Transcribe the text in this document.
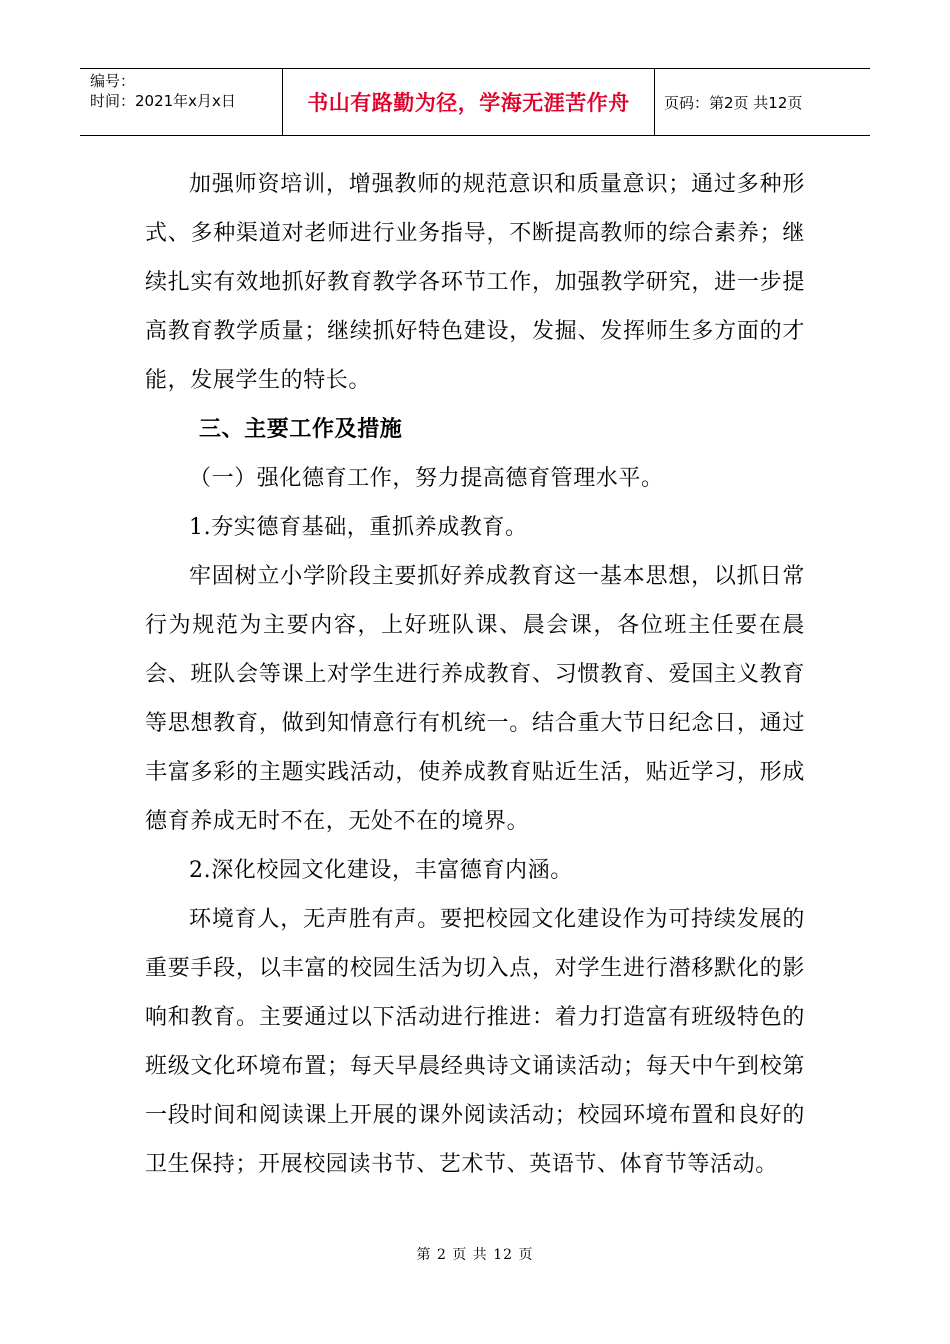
编号：
时间：2021年x月x日	书山有路勤为径，学海无涯苦作舟	页码：第2页 共12页

加强师资培训，增强教师的规范意识和质量意识；通过多种形式、多种渠道对老师进行业务指导，不断提高教师的综合素养；继续扎实有效地抓好教育教学各环节工作，加强教学研究，进一步提高教育教学质量；继续抓好特色建设，发掘、发挥师生多方面的才能，发展学生的特长。

三、主要工作及措施

（一）强化德育工作，努力提高德育管理水平。

1.夯实德育基础，重抓养成教育。

牢固树立小学阶段主要抓好养成教育这一基本思想，以抓日常行为规范为主要内容，上好班队课、晨会课，各位班主任要在晨会、班队会等课上对学生进行养成教育、习惯教育、爱国主义教育等思想教育，做到知情意行有机统一。结合重大节日纪念日，通过丰富多彩的主题实践活动，使养成教育贴近生活，贴近学习，形成德育养成无时不在，无处不在的境界。

2.深化校园文化建设，丰富德育内涵。

环境育人，无声胜有声。要把校园文化建设作为可持续发展的重要手段，以丰富的校园生活为切入点，对学生进行潜移默化的影响和教育。主要通过以下活动进行推进：着力打造富有班级特色的班级文化环境布置；每天早晨经典诗文诵读活动；每天中午到校第一段时间和阅读课上开展的课外阅读活动；校园环境布置和良好的卫生保持；开展校园读书节、艺术节、英语节、体育节等活动。

第 2 页 共 12 页
